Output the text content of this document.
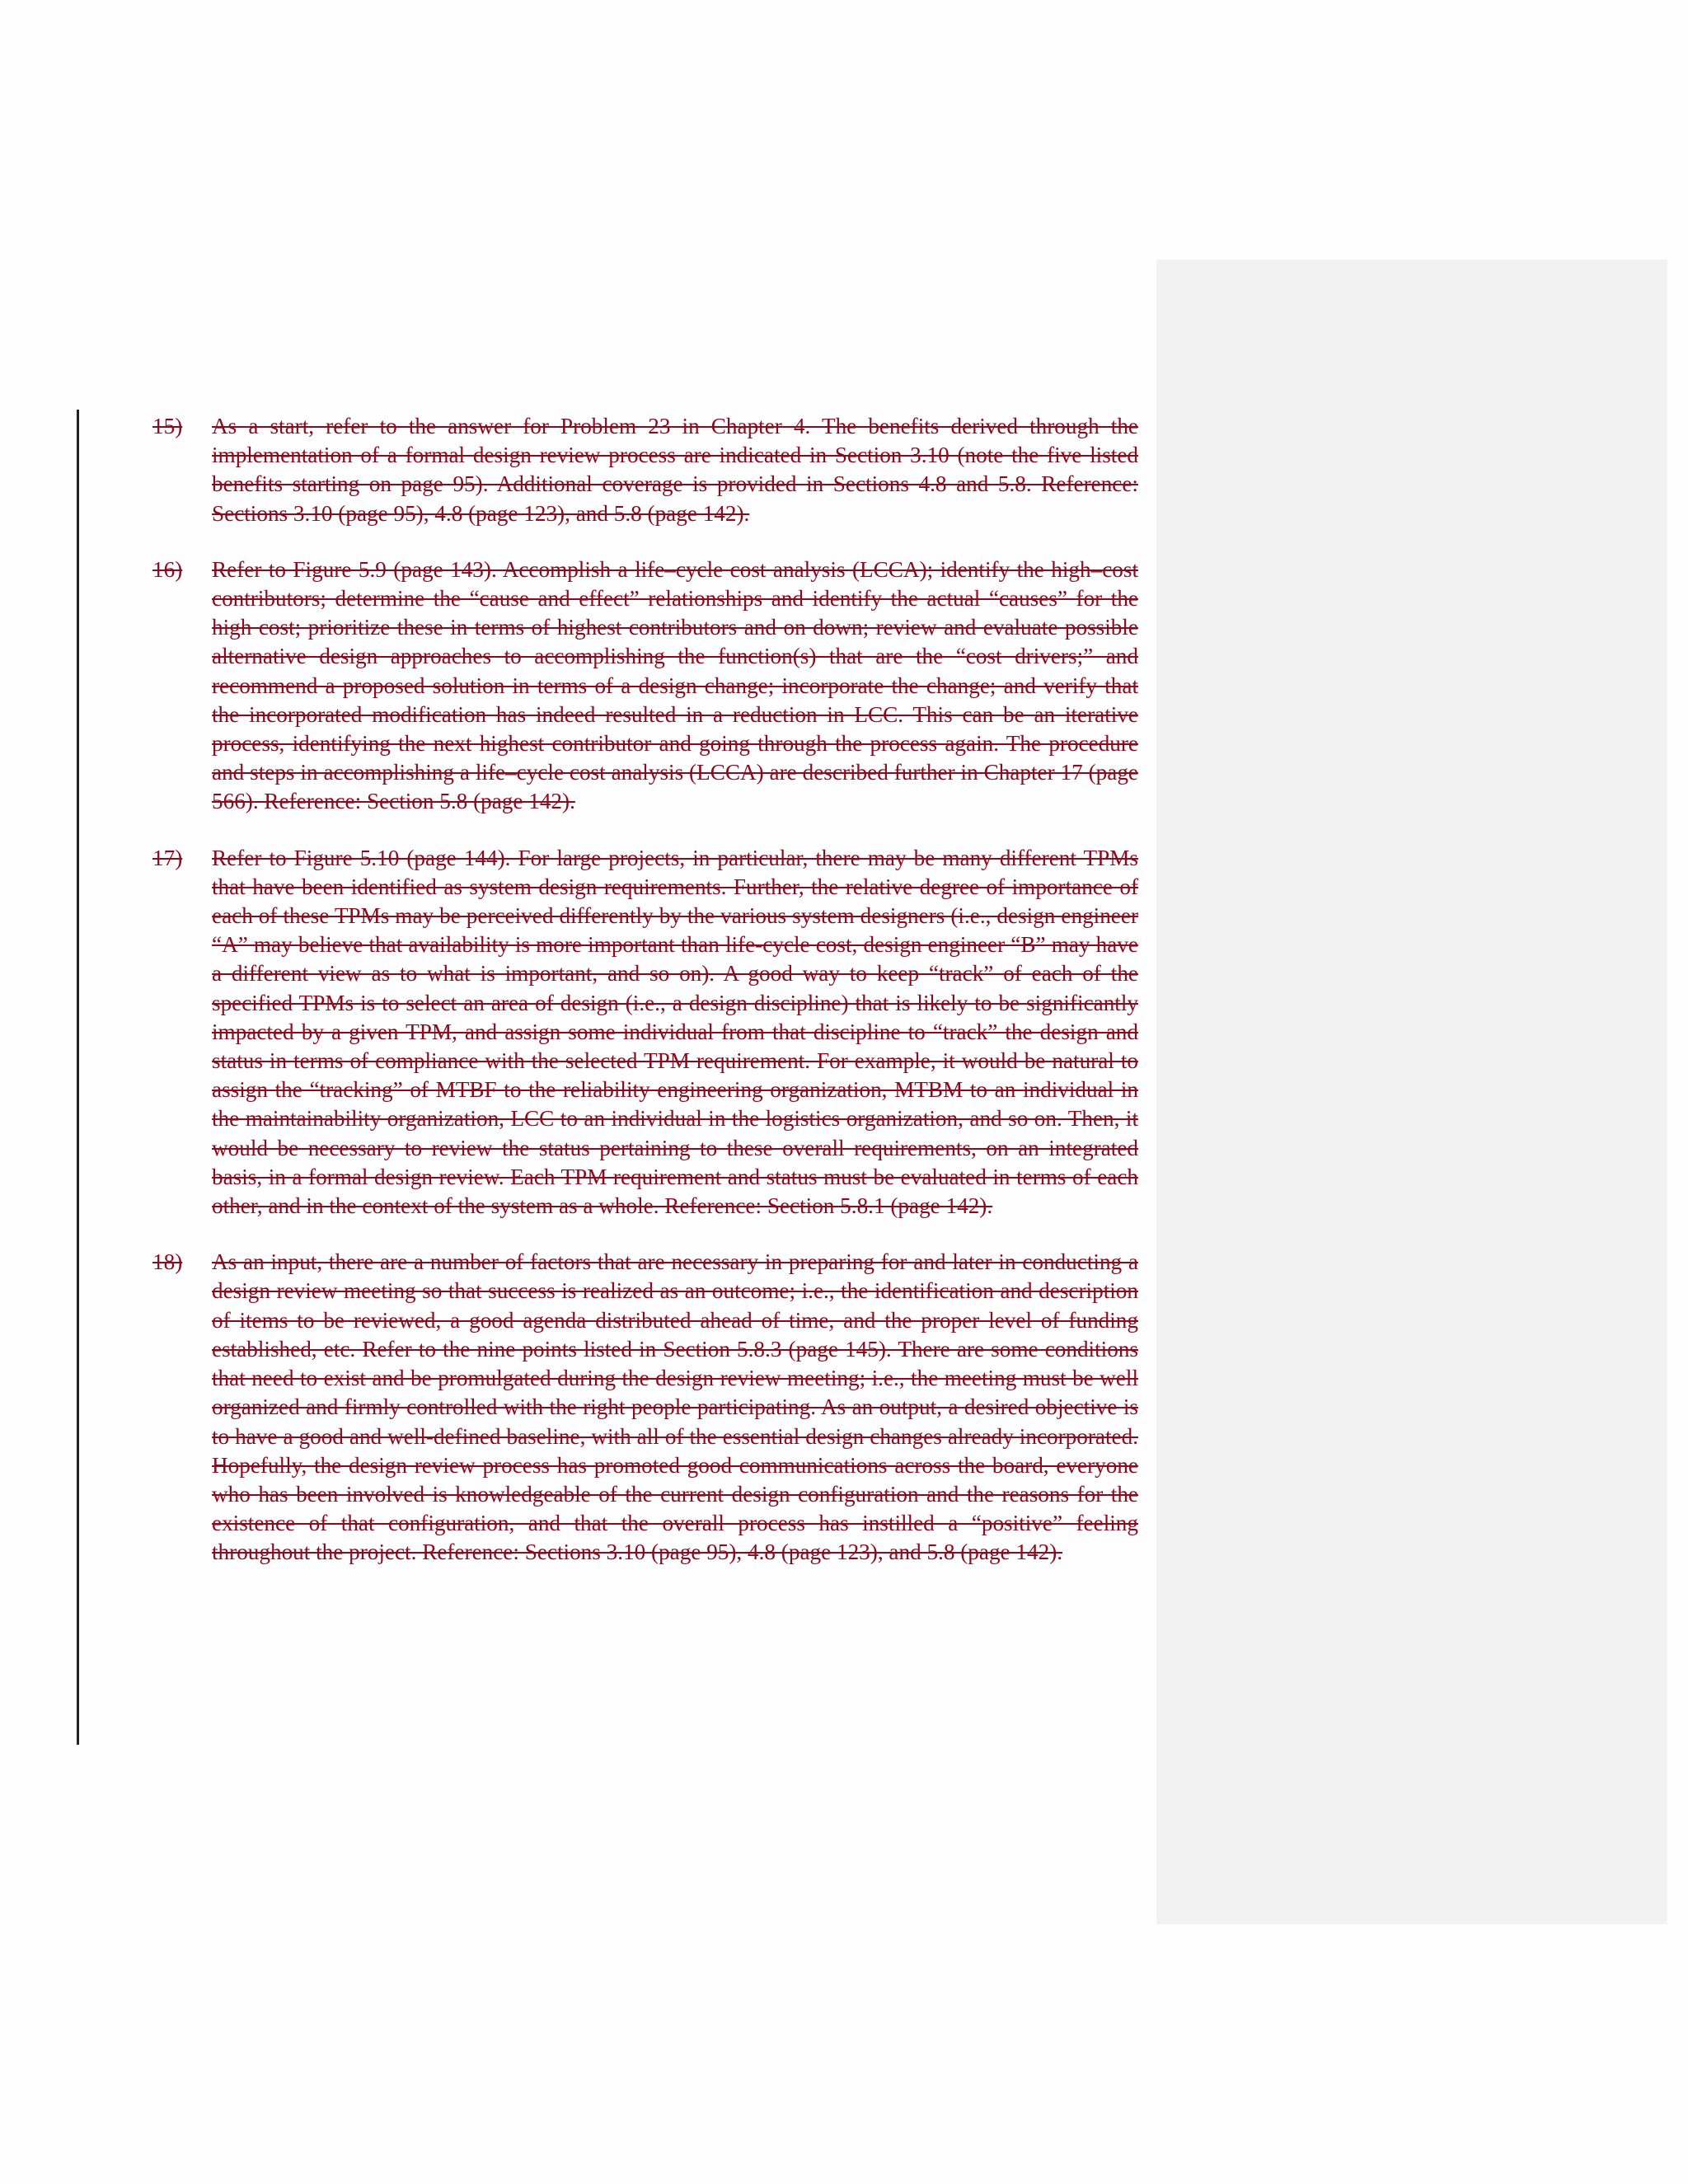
15) As a start, refer to the answer for Problem 23 in Chapter 4. The benefits derived through the implementation of a formal design review process are indicated in Section 3.10 (note the five listed benefits starting on page 95). Additional coverage is provided in Sections 4.8 and 5.8. Reference: Sections 3.10 (page 95), 4.8 (page 123), and 5.8 (page 142).
16) Refer to Figure 5.9 (page 143). Accomplish a life–cycle cost analysis (LCCA); identify the high–cost contributors; determine the “cause and effect” relationships and identify the actual “causes” for the high cost; prioritize these in terms of highest contributors and on down; review and evaluate possible alternative design approaches to accomplishing the function(s) that are the “cost drivers;” and recommend a proposed solution in terms of a design change; incorporate the change; and verify that the incorporated modification has indeed resulted in a reduction in LCC. This can be an iterative process, identifying the next highest contributor and going through the process again. The procedure and steps in accomplishing a life–cycle cost analysis (LCCA) are described further in Chapter 17 (page 566). Reference: Section 5.8 (page 142).
17) Refer to Figure 5.10 (page 144). For large projects, in particular, there may be many different TPMs that have been identified as system design requirements. Further, the relative degree of importance of each of these TPMs may be perceived differently by the various system designers (i.e., design engineer “A” may believe that availability is more important than life-cycle cost, design engineer “B” may have a different view as to what is important, and so on). A good way to keep “track” of each of the specified TPMs is to select an area of design (i.e., a design discipline) that is likely to be significantly impacted by a given TPM, and assign some individual from that discipline to “track” the design and status in terms of compliance with the selected TPM requirement. For example, it would be natural to assign the “tracking” of MTBF to the reliability engineering organization, MTBM to an individual in the maintainability organization, LCC to an individual in the logistics organization, and so on. Then, it would be necessary to review the status pertaining to these overall requirements, on an integrated basis, in a formal design review. Each TPM requirement and status must be evaluated in terms of each other, and in the context of the system as a whole. Reference: Section 5.8.1 (page 142).
18) As an input, there are a number of factors that are necessary in preparing for and later in conducting a design review meeting so that success is realized as an outcome; i.e., the identification and description of items to be reviewed, a good agenda distributed ahead of time, and the proper level of funding established, etc. Refer to the nine points listed in Section 5.8.3 (page 145). There are some conditions that need to exist and be promulgated during the design review meeting; i.e., the meeting must be well organized and firmly controlled with the right people participating. As an output, a desired objective is to have a good and well-defined baseline, with all of the essential design changes already incorporated. Hopefully, the design review process has promoted good communications across the board, everyone who has been involved is knowledgeable of the current design configuration and the reasons for the existence of that configuration, and that the overall process has instilled a “positive” feeling throughout the project. Reference: Sections 3.10 (page 95), 4.8 (page 123), and 5.8 (page 142).
